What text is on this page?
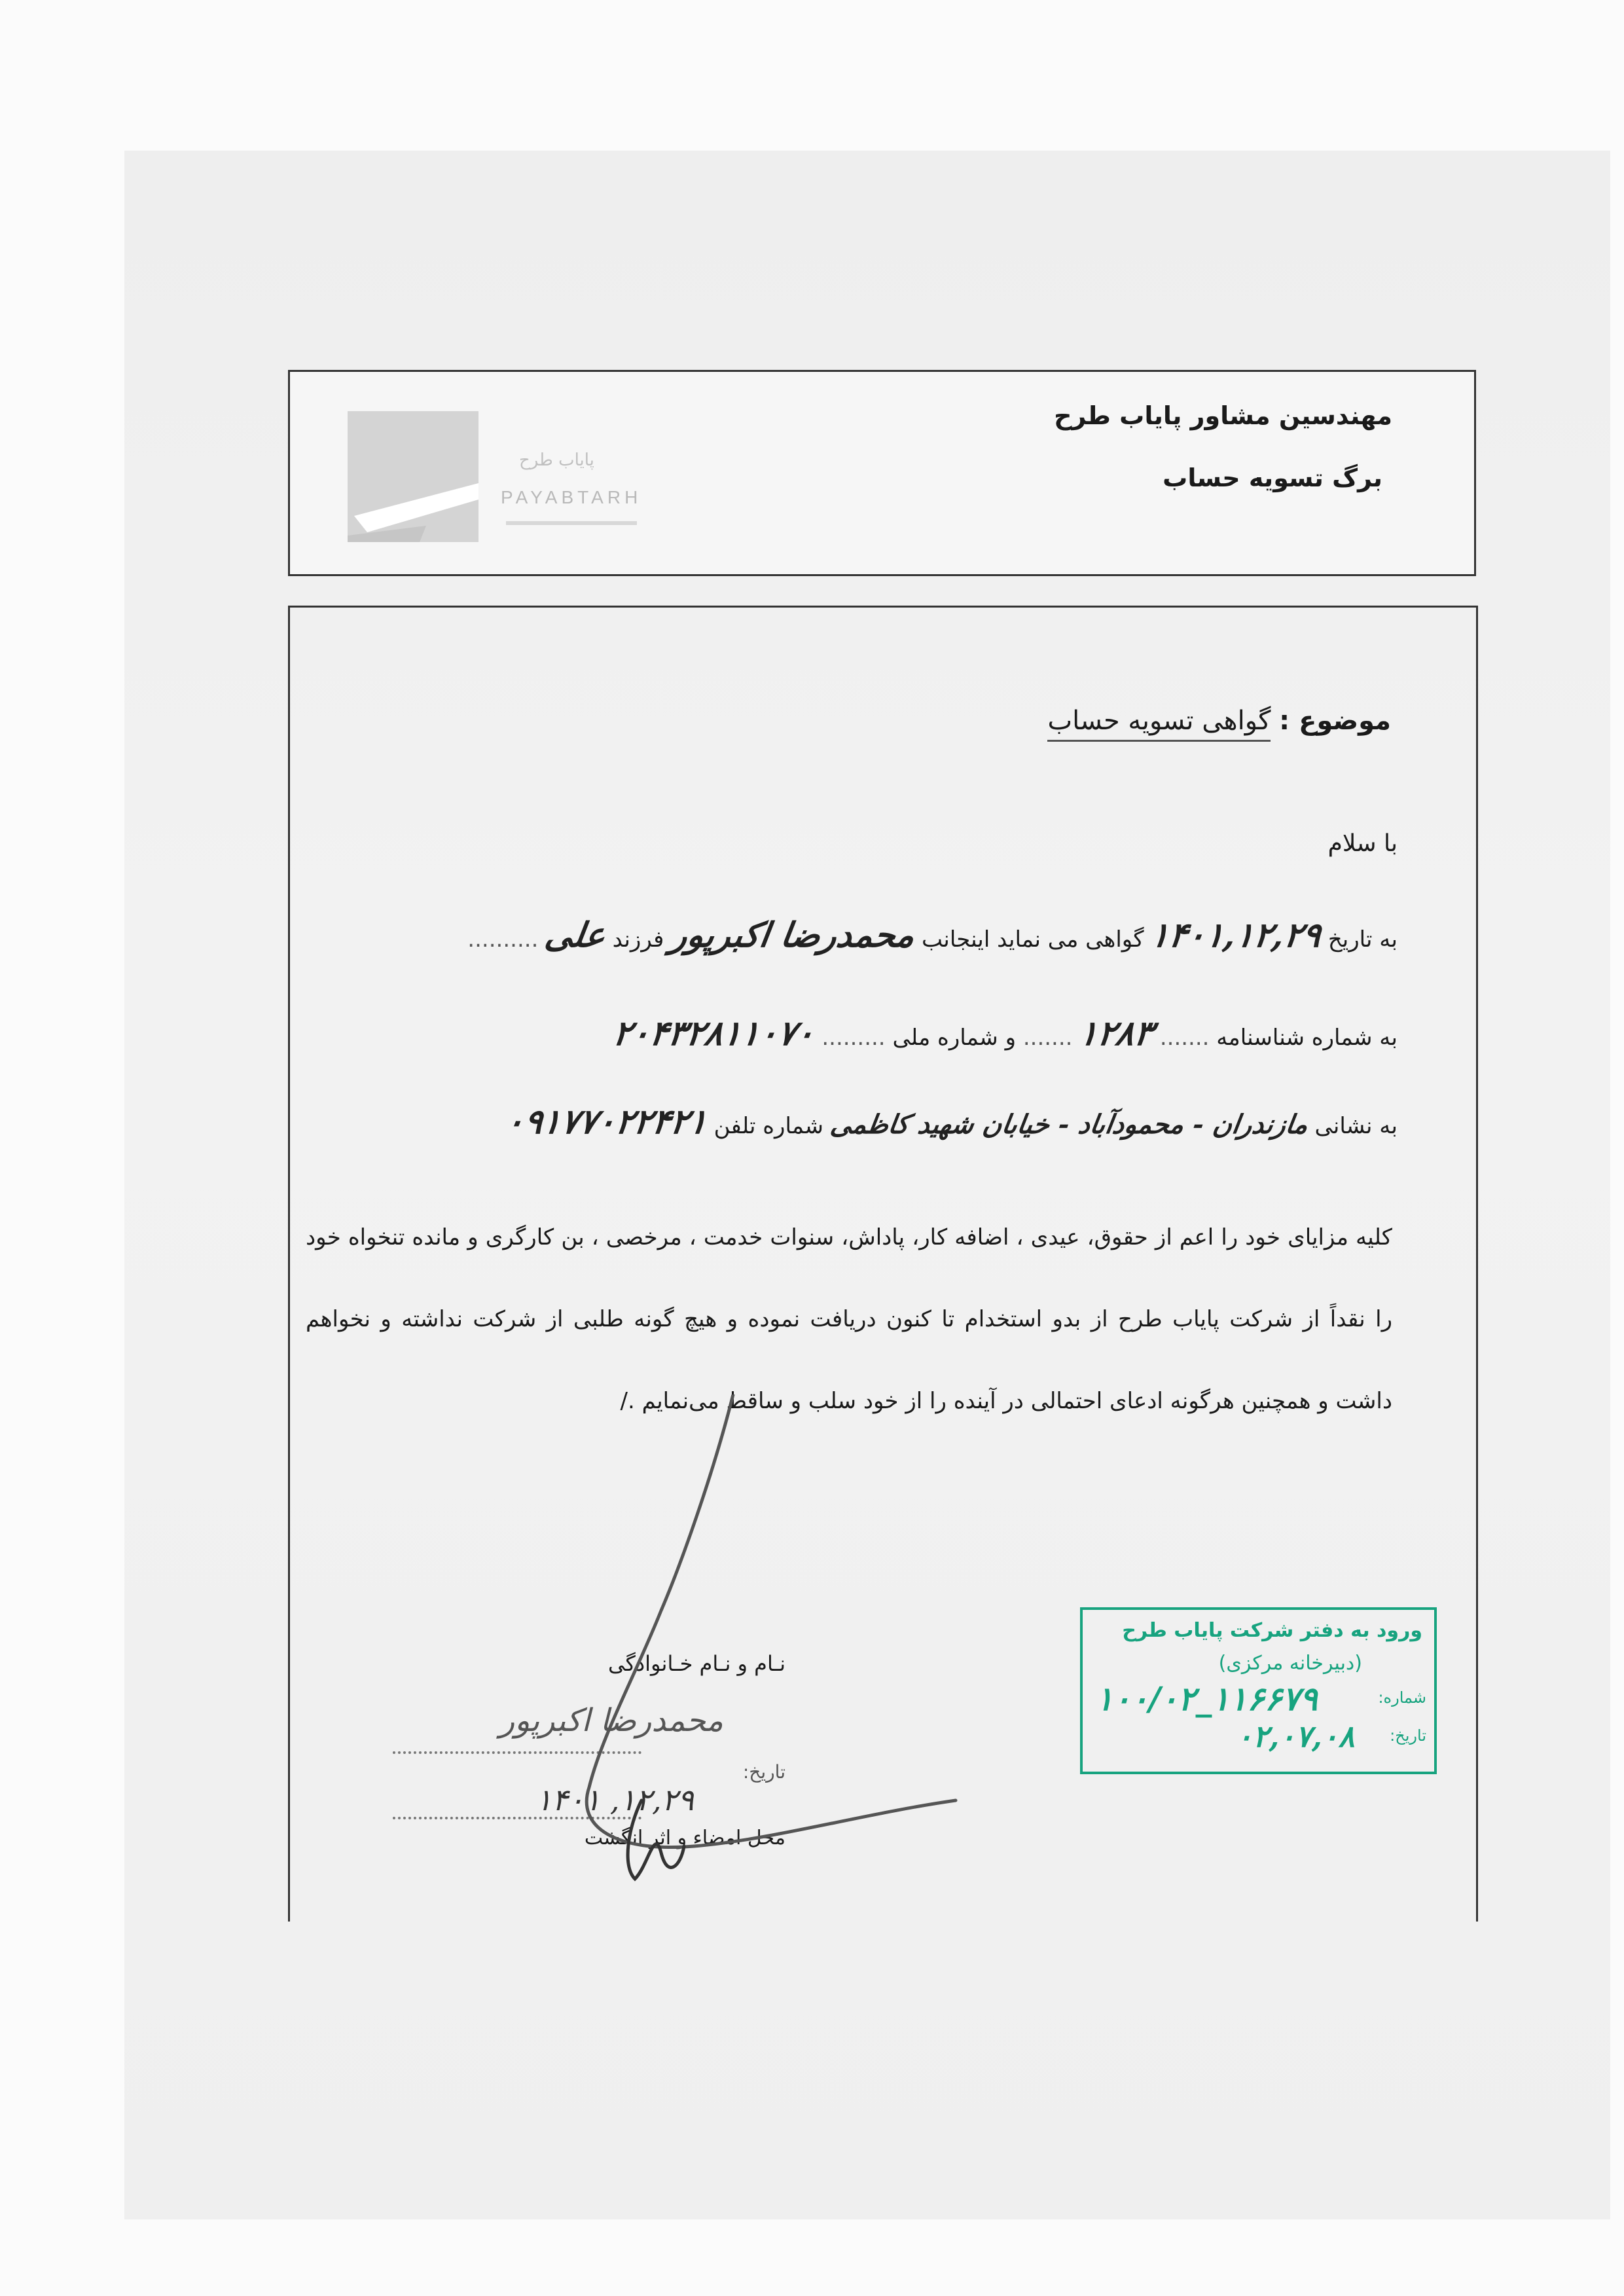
پایاب طرح
PAYABTARH
مهندسین مشاور پایاب طرح
برگ تسویه حساب
موضوع : گواهی تسویه حساب
با سلام
به تاریخ ۱۴۰۱,۱۲,۲۹ گواهی می نماید اینجانب محمدرضا اکبرپور فرزند علی ..........
به شماره شناسنامه ....... ۱۲۸۳ ....... و شماره ملی ......... ۲۰۴۳۲۸۱۱۰۷۰
به نشانی مازندران - محمودآباد - خیابان شهید کاظمی شماره تلفن ۰۹۱۷۷۰۲۲۴۲۱
کلیه مزایای خود را اعم از حقوق، عیدی ، اضافه کار، پاداش، سنوات خدمت ، مرخصی ، بن کارگری و مانده تنخواه خود را نقداً از شرکت پایاب طرح از بدو استخدام تا کنون دریافت نموده و هیچ گونه طلبی از شرکت نداشته و نخواهم داشت و همچنین هرگونه ادعای احتمالی در آینده را از خود سلب و ساقط می‌نمایم ./
نـام و نـام خـانوادگی
محمدرضا اکبرپور
تاریخ:
۱۴۰۱ ,۱۲,۲۹
محل امضاء و اثر انگشت
ورود به دفتر شرکت پایاب طرح
(دبیرخانه مرکزی)
شماره:
۱۰۰/۰۲_۱۱۶۶۷۹
تاریخ:
۰۲,۰۷,۰۸
